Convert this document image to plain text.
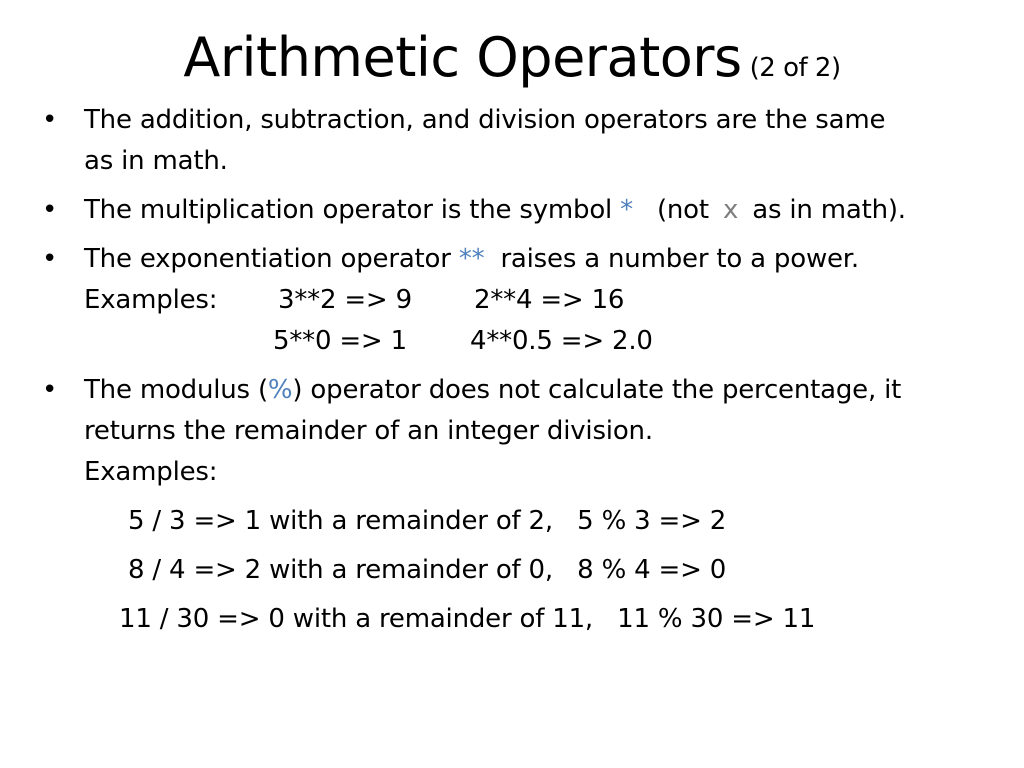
Arithmetic Operators (2 of 2)
• The addition, subtraction, and division operators are the same
as in math.
• The multiplication operator is the symbol * (not x as in math).
• The exponentiation operator ** raises a number to a power.
Examples: 3**2 => 9 2**4 => 16
5**0 => 1 4**0.5 => 2.0
• The modulus (%) operator does not calculate the percentage, it
returns the remainder of an integer division.
Examples:
5 / 3 => 1 with a remainder of 2,   5 % 3 => 2
8 / 4 => 2 with a remainder of 0,   8 % 4 => 0
11 / 30 => 0 with a remainder of 11,   11 % 30 => 11
